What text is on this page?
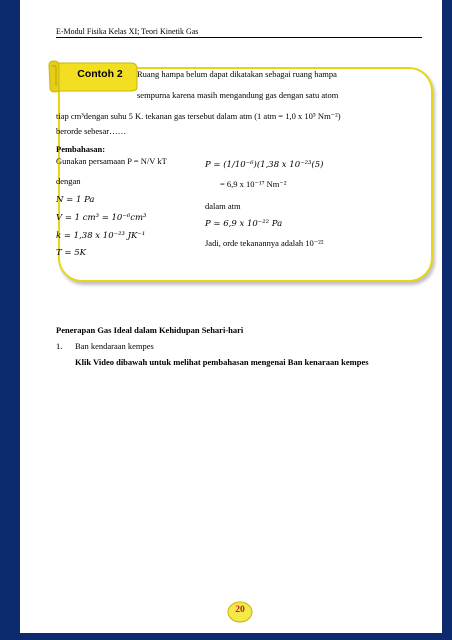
E-Modul Fisika Kelas XI; Teori Kinetik Gas
Contoh 2	Ruang hampa belum dapat dikatakan sebagai ruang hampa
sempurna karena masih mengandung gas dengan satu atom
tiap cm³dengan suhu 5 K. tekanan gas tersebut dalam atm (1 atm = 1,0 x 10⁵ Nm⁻²)
berorde sebesar……
Pembahasan:
Gunakan persamaan P = N/V kT
dengan
N = 1 Pa
V = 1 cm³ = 10⁻⁶cm³
k = 1,38 x 10⁻²³ JK⁻¹
T = 5K
P = (1/10⁻⁶)(1,38 x 10⁻²³(5)
= 6,9 x 10⁻¹⁷ Nm⁻²
dalam atm
P = 6,9 x 10⁻²² Pa
Jadi, orde tekanannya adalah 10⁻²²
Penerapan Gas Ideal dalam Kehidupan Sehari-hari
1. Ban kendaraan kempes
Klik Video dibawah untuk melihat pembahasan mengenai Ban kenaraan kempes
20
